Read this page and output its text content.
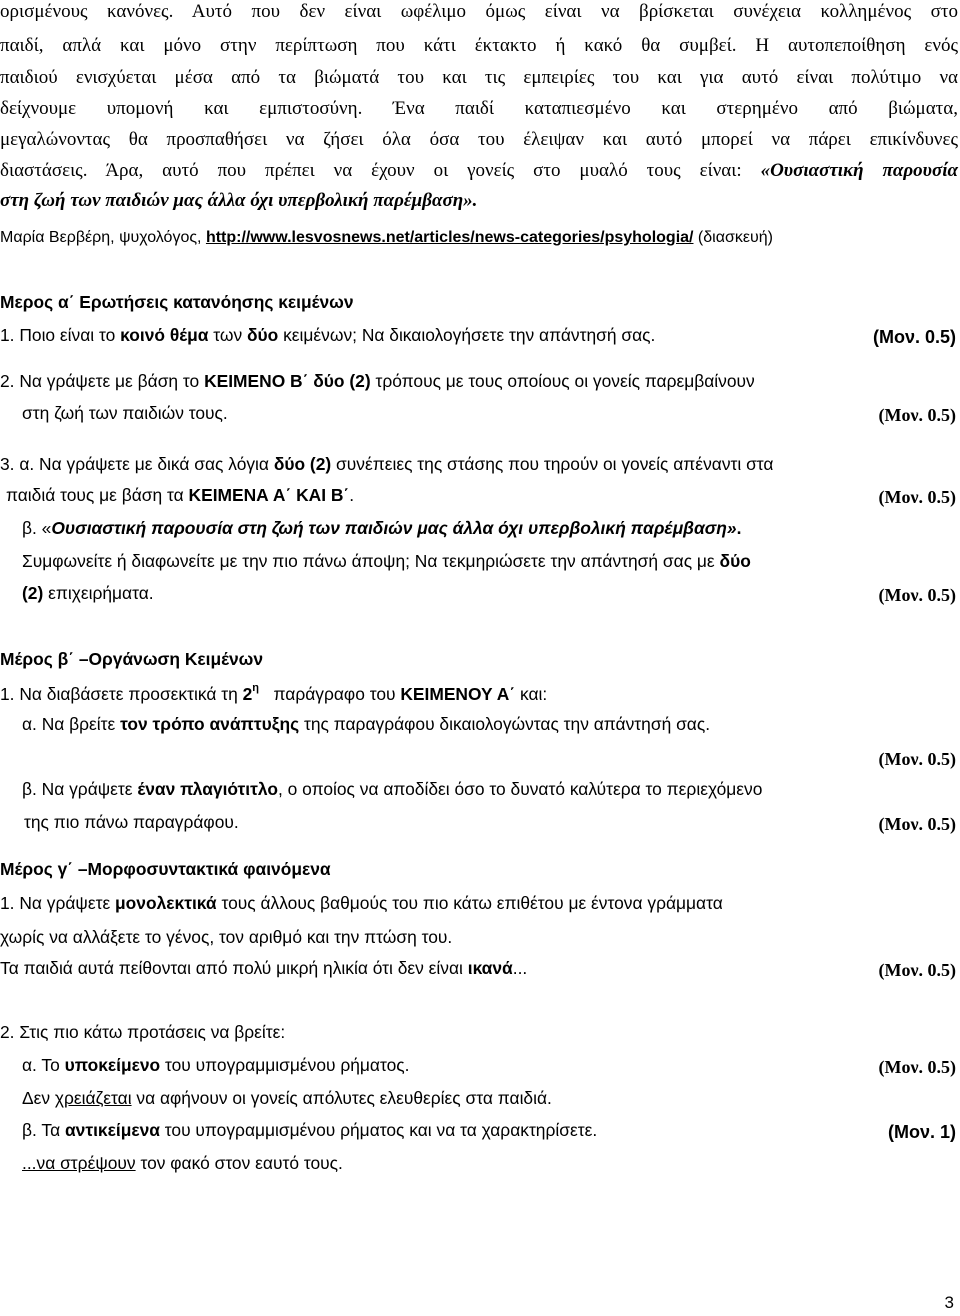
ορισμένους κανόνες. Αυτό που δεν είναι ωφέλιμο όμως είναι να βρίσκεται συνέχεια κολλημένος στο
παιδί, απλά και μόνο στην περίπτωση που κάτι έκτακτο ή κακό θα συμβεί. Η αυτοπεποίθηση ενός
παιδιού ενισχύεται μέσα από τα βιώματά του και τις εμπειρίες του και για αυτό είναι πολύτιμο να
δείχνουμε υπομονή και εμπιστοσύνη. Ένα παιδί καταπιεσμένο και στερημένο από βιώματα,
μεγαλώνοντας θα προσπαθήσει να ζήσει όλα όσα του έλειψαν και αυτό μπορεί να πάρει επικίνδυνες
διαστάσεις. Άρα, αυτό που πρέπει να έχουν οι γονείς στο μυαλό τους είναι: «Ουσιαστική παρουσία
στη ζωή των παιδιών μας άλλα όχι υπερβολική παρέμβαση».
Μαρία Βερβέρη, ψυχολόγος, http://www.lesvosnews.net/articles/news-categories/psyhologia/ (διασκευή)
Μερος α΄ Ερωτήσεις κατανόησης κειμένων
1. Ποιο είναι το κοινό θέμα των δύο κειμένων; Να δικαιολογήσετε την απάντησή σας.	(Μον. 0.5)
2. Να γράψετε με βάση το ΚΕΙΜΕΝΟ Β΄ δύο (2) τρόπους με τους οποίους οι γονείς παρεμβαίνουν
στη ζωή των παιδιών τους.	(Μον. 0.5)
3. α. Να γράψετε με δικά σας λόγια δύο (2) συνέπειες της στάσης που τηρούν οι γονείς απέναντι στα
παιδιά τους με βάση τα ΚΕΙΜΕΝΑ Α΄ ΚΑΙ Β΄.	(Μον. 0.5)
β. «Ουσιαστική παρουσία στη ζωή των παιδιών μας άλλα όχι υπερβολική παρέμβαση».
Συμφωνείτε ή διαφωνείτε με την πιο πάνω άποψη; Να τεκμηριώσετε την απάντησή σας με δύο
(2) επιχειρήματα.	(Μον. 0.5)
Μέρος β΄ –Οργάνωση Κειμένων
1. Να διαβάσετε προσεκτικά τη $2^\eta$   παράγραφο του ΚΕΙΜΕΝΟΥ Α΄ και:
α. Να βρείτε τον τρόπο ανάπτυξης της παραγράφου δικαιολογώντας την απάντησή σας.
(Μον. 0.5)
β. Να γράψετε έναν πλαγιότιτλο, ο οποίος να αποδίδει όσο το δυνατό καλύτερα το περιεχόμενο
της πιο πάνω παραγράφου.	(Μον. 0.5)
Μέρος γ΄ –Μορφοσυντακτικά φαινόμενα
1. Να γράψετε μονολεκτικά τους άλλους βαθμούς του πιο κάτω επιθέτου με έντονα γράμματα
χωρίς να αλλάξετε το γένος, τον αριθμό και την πτώση του.
Τα παιδιά αυτά πείθονται από πολύ μικρή ηλικία ότι δεν είναι ικανά...	(Μον. 0.5)
2. Στις πιο κάτω προτάσεις να βρείτε:
α. Το υποκείμενο του υπογραμμισμένου ρήματος.	(Μον. 0.5)
Δεν χρειάζεται να αφήνουν οι γονείς απόλυτες ελευθερίες στα παιδιά.
β. Τα αντικείμενα του υπογραμμισμένου ρήματος και να τα χαρακτηρίσετε.	(Μον. 1)
...να στρέψουν τον φακό στον εαυτό τους.
3
